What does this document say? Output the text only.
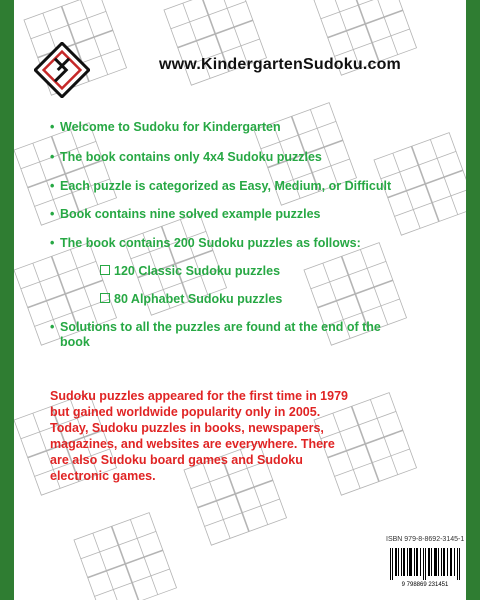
www.KindergartenSudoku.com
• Welcome to Sudoku for Kindergarten
• The book contains only 4x4 Sudoku puzzles
• Each puzzle is categorized as Easy, Medium, or Difficult
• Book contains nine solved example puzzles
• The book contains 200 Sudoku puzzles as follows:
120 Classic Sudoku puzzles
80 Alphabet Sudoku puzzles
• Solutions to all the puzzles are found at the end of the
book
Sudoku puzzles appeared for the first time in 1979
but gained worldwide popularity only in 2005.
Today, Sudoku puzzles in books, newspapers,
magazines, and websites are everywhere. There
are also Sudoku board games and Sudoku
electronic games.
ISBN 979-8-8692-3145-1
9 798869 231451
